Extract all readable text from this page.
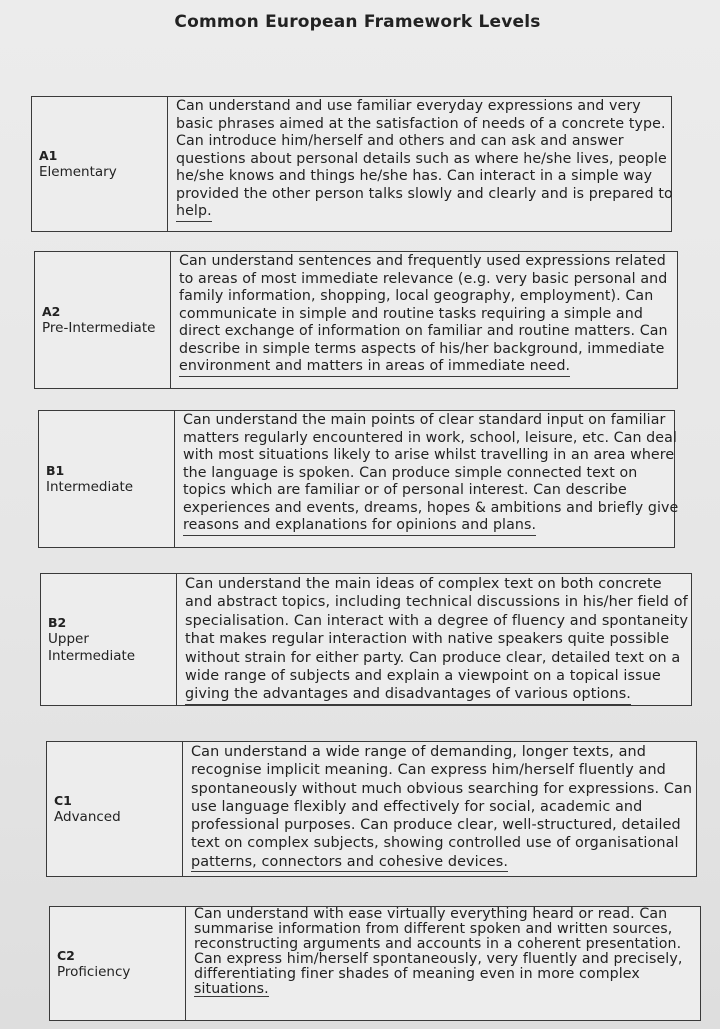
Common European Framework Levels
A1
Elementary
Can understand and use familiar everyday expressions and very
basic phrases aimed at the satisfaction of needs of a concrete type.
Can introduce him/herself and others and can ask and answer
questions about personal details such as where he/she lives, people
he/she knows and things he/she has. Can interact in a simple way
provided the other person talks slowly and clearly and is prepared to
help.
A2
Pre-Intermediate
Can understand sentences and frequently used expressions related
to areas of most immediate relevance (e.g. very basic personal and
family information, shopping, local geography, employment). Can
communicate in simple and routine tasks requiring a simple and
direct exchange of information on familiar and routine matters. Can
describe in simple terms aspects of his/her background, immediate
environment and matters in areas of immediate need.
B1
Intermediate
Can understand the main points of clear standard input on familiar
matters regularly encountered in work, school, leisure, etc. Can deal
with most situations likely to arise whilst travelling in an area where
the language is spoken. Can produce simple connected text on
topics which are familiar or of personal interest. Can describe
experiences and events, dreams, hopes & ambitions and briefly give
reasons and explanations for opinions and plans.
B2
Upper
Intermediate
Can understand the main ideas of complex text on both concrete
and abstract topics, including technical discussions in his/her field of
specialisation. Can interact with a degree of fluency and spontaneity
that makes regular interaction with native speakers quite possible
without strain for either party. Can produce clear, detailed text on a
wide range of subjects and explain a viewpoint on a topical issue
giving the advantages and disadvantages of various options.
C1
Advanced
Can understand a wide range of demanding, longer texts, and
recognise implicit meaning. Can express him/herself fluently and
spontaneously without much obvious searching for expressions. Can
use language flexibly and effectively for social, academic and
professional purposes. Can produce clear, well-structured, detailed
text on complex subjects, showing controlled use of organisational
patterns, connectors and cohesive devices.
C2
Proficiency
Can understand with ease virtually everything heard or read. Can
summarise information from different spoken and written sources,
reconstructing arguments and accounts in a coherent presentation.
Can express him/herself spontaneously, very fluently and precisely,
differentiating finer shades of meaning even in more complex
situations.
